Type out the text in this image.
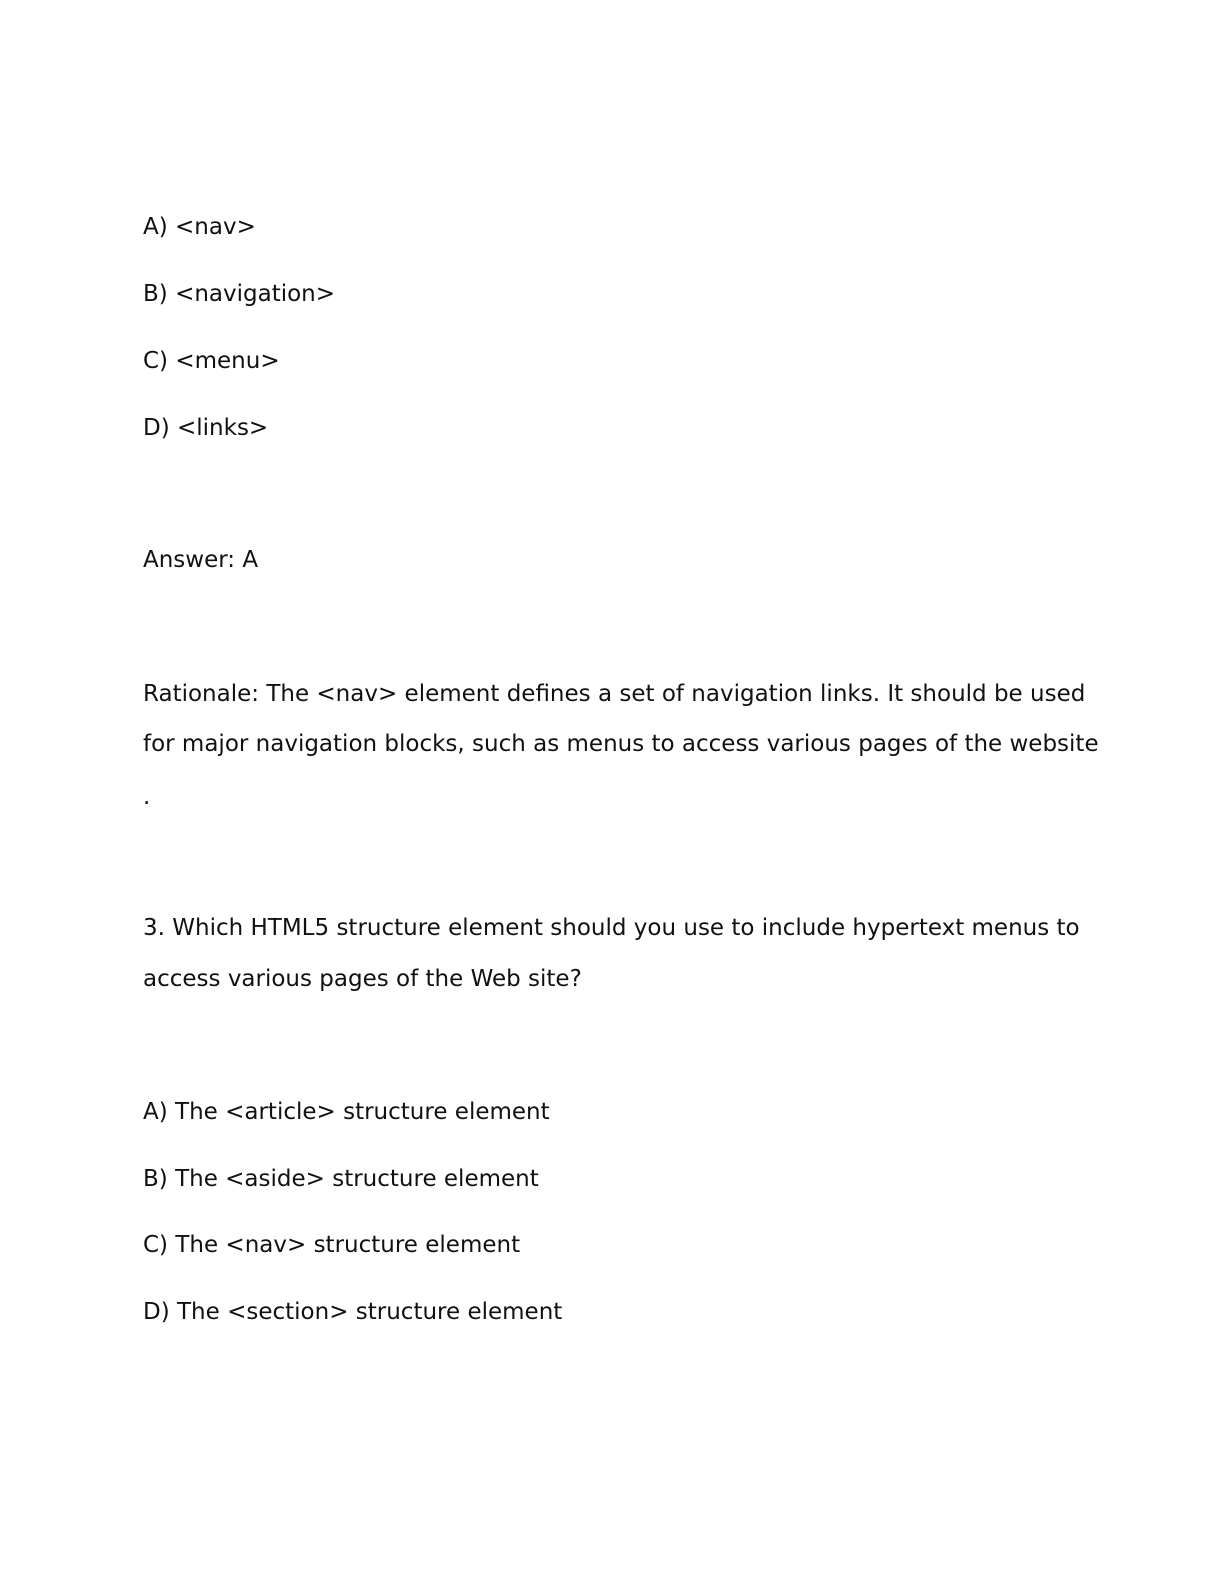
A) <nav>
B) <navigation>
C) <menu>
D) <links>
Answer: A
Rationale: The <nav> element defines a set of navigation links. It should be used
for major navigation blocks, such as menus to access various pages of the website
.
3. Which HTML5 structure element should you use to include hypertext menus to
access various pages of the Web site?
A) The <article> structure element
B) The <aside> structure element
C) The <nav> structure element
D) The <section> structure element
